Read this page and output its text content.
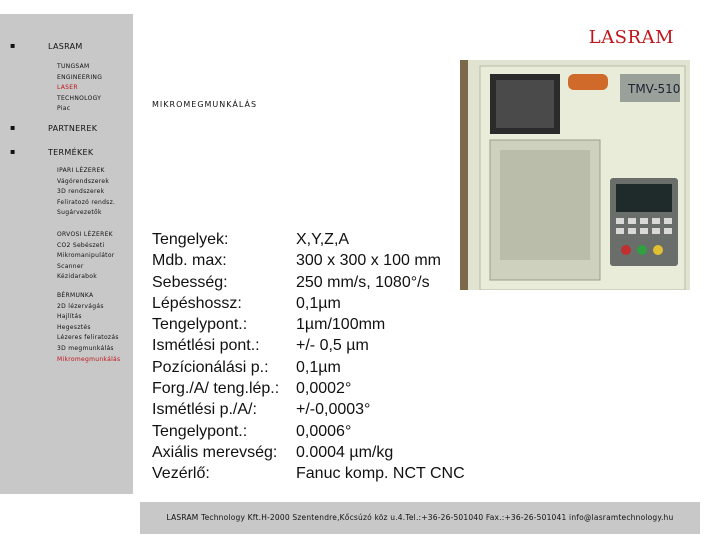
▪	LASRAM
TUNGSAM
ENGINEERING
LASER
TECHNOLOGY
Piac
▪	PARTNEREK
▪	TERMÉKEK
IPARI LÉZEREK
Vágórendszerek
3D rendszerek
Feliratozó rendsz.
Sugárvezetők
ORVOSI LÉZEREK
CO2 Sebészeti
Mikromanipulátor
Scanner
Kézidarabok
BÉRMUNKA
2D lézervágás
Hajlítás
Hegesztés
Lézeres feliratozás
3D megmunkálás
Mikromegmunkálás
LASRAM
MIKROMEGMUNKÁLÁS
TMV-510
Tengelyek:	X,Y,Z,A
Mdb. max:	300 x 300 x 100 mm
Sebesség:	250 mm/s, 1080°/s
Lépéshossz:	0,1µm
Tengelypont.:	1µm/100mm
Ismétlési pont.:	+/- 0,5 µm
Pozícionálási p.:	0,1µm
Forg./A/ teng.lép.:	0,0002°
Ismétlési p./A/:	+/-0,0003°
Tengelypont.:	0,0006°
Axiális merevség:	0.0004 µm/kg
Vezérlő:	Fanuc komp. NCT CNC
LASRAM Technology Kft.H-2000 Szentendre,Kőcsúzó köz u.4.Tel.:+36-26-501040 Fax.:+36-26-501041 info@lasramtechnology.hu
